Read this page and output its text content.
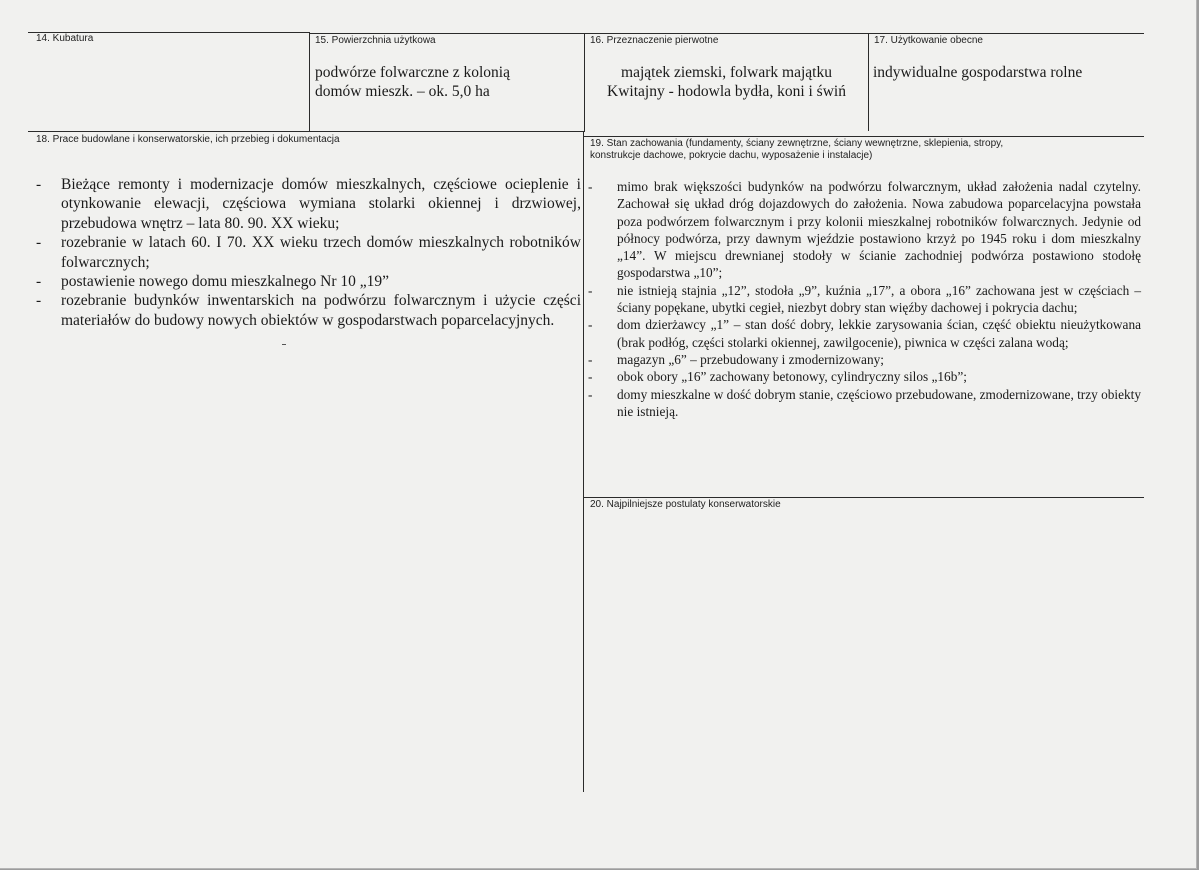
14. Kubatura	15. Powierzchnia użytkowa
podwórze folwarczne z kolonią
domów mieszk. – ok. 5,0 ha
16. Przeznaczenie pierwotne
majątek ziemski, folwark majątku
Kwitajny - hodowla bydła, koni i świń
17. Użytkowanie obecne
indywidualne gospodarstwa rolne
18. Prace budowlane i konserwatorskie, ich przebieg i dokumentacja
- Bieżące remonty i modernizacje domów mieszkalnych, częściowe ocieplenie i otynkowanie elewacji, częściowa wymiana stolarki okiennej i drzwiowej, przebudowa wnętrz – lata 80. 90. XX wieku;
- rozebranie w latach 60. I 70. XX wieku trzech domów mieszkalnych robotników folwarcznych;
- postawienie nowego domu mieszkalnego Nr 10 „19”
- rozebranie budynków inwentarskich na podwórzu folwarcznym i użycie części materiałów do budowy nowych obiektów w gospodarstwach poparcelacyjnych.
19. Stan zachowania (fundamenty, ściany zewnętrzne, ściany wewnętrzne, sklepienia, stropy,
konstrukcje dachowe, pokrycie dachu, wyposażenie i instalacje)
- mimo brak większości budynków na podwórzu folwarcznym, układ założenia nadal czytelny. Zachował się układ dróg dojazdowych do założenia. Nowa zabudowa poparcelacyjna powstała poza podwórzem folwarcznym i przy kolonii mieszkalnej robotników folwarcznych. Jedynie od północy podwórza, przy dawnym wjeździe postawiono krzyż po 1945 roku i dom mieszkalny „14”. W miejscu drewnianej stodoły w ścianie zachodniej podwórza postawiono stodołę gospodarstwa „10”;
- nie istnieją stajnia „12”, stodoła „9”, kuźnia „17”, a obora „16” zachowana jest w częściach – ściany popękane, ubytki cegieł, niezbyt dobry stan więźby dachowej i pokrycia dachu;
- dom dzierżawcy „1” – stan dość dobry, lekkie zarysowania ścian, część obiektu nieużytkowana (brak podłóg, części stolarki okiennej, zawilgocenie), piwnica w części zalana wodą;
- magazyn „6” – przebudowany i zmodernizowany;
- obok obory „16” zachowany betonowy, cylindryczny silos „16b”;
- domy mieszkalne w dość dobrym stanie, częściowo przebudowane, zmodernizowane, trzy obiekty nie istnieją.
20. Najpilniejsze postulaty konserwatorskie
